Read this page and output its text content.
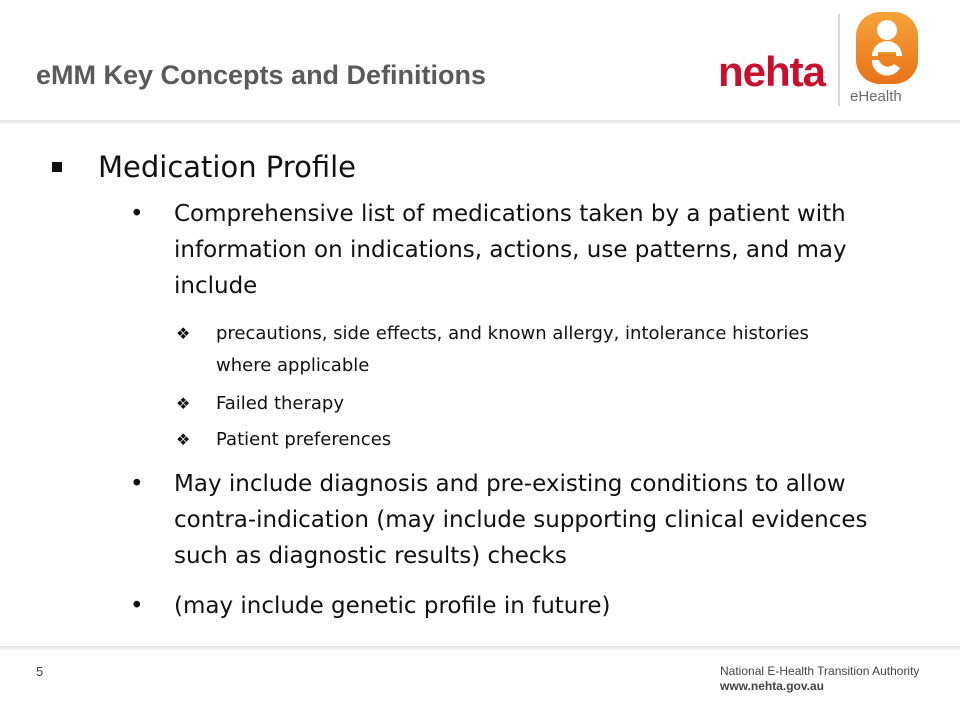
eMM Key Concepts and Definitions	nehta
eHealth
Medication Profile
• Comprehensive list of medications taken by a patient with information on indications, actions, use patterns, and may include
❖ precautions, side effects, and known allergy, intolerance histories where applicable
❖ Failed therapy
❖ Patient preferences
• May include diagnosis and pre-existing conditions to allow contra-indication (may include supporting clinical evidences such as diagnostic results) checks
• (may include genetic profile in future)
5	National E-Health Transition Authority
www.nehta.gov.au
